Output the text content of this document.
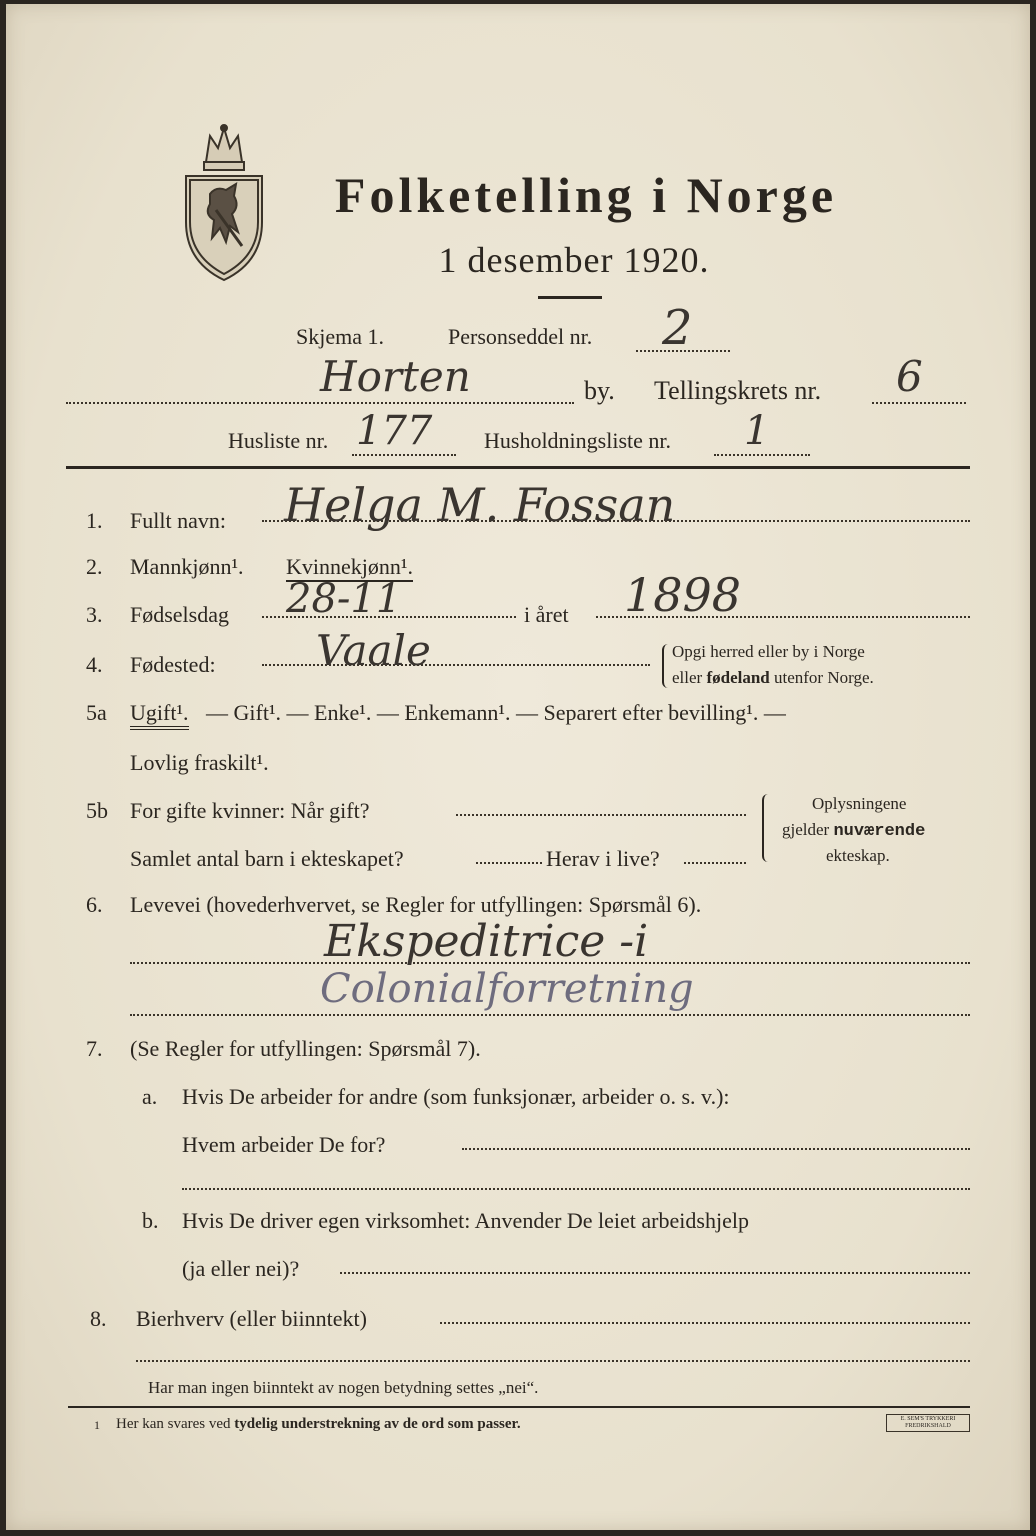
Folketelling i Norge
1 desember 1920.
Skjema 1.	Personseddel nr. 2
Horten	by. Tellingskrets nr. 6
Husliste nr. 177 Husholdningsliste nr. 1
1. Fullt navn: Helga M. Fossan
2. Mannkjønn¹. Kvinnekjønn¹.
3. Fødselsdag 28-11	i året 1898
4. Fødested: Vaale	Opgi herred eller by i Norge
eller fødeland utenfor Norge.
5a Ugift¹. — Gift¹. — Enke¹. — Enkemann¹. — Separert efter bevilling¹. —
Lovlig fraskilt¹.
5b For gifte kvinner: Når gift?
Samlet antal barn i ekteskapet?	Herav i live?
Oplysningene
gjelder nuværende
ekteskap.
6. Levevei (hovederhvervet, se Regler for utfyllingen: Spørsmål 6).
Ekspeditrice -i
Colonialforretning
7. (Se Regler for utfyllingen: Spørsmål 7).
a. Hvis De arbeider for andre (som funksjonær, arbeider o. s. v.):
Hvem arbeider De for?
b. Hvis De driver egen virksomhet: Anvender De leiet arbeidshjelp
(ja eller nei)?
8. Bierhverv (eller biinntekt)
Har man ingen biinntekt av nogen betydning settes „nei“.
1 Her kan svares ved tydelig understrekning av de ord som passer.	E. SEM'S TRYKKERI FREDRIKSHALD
